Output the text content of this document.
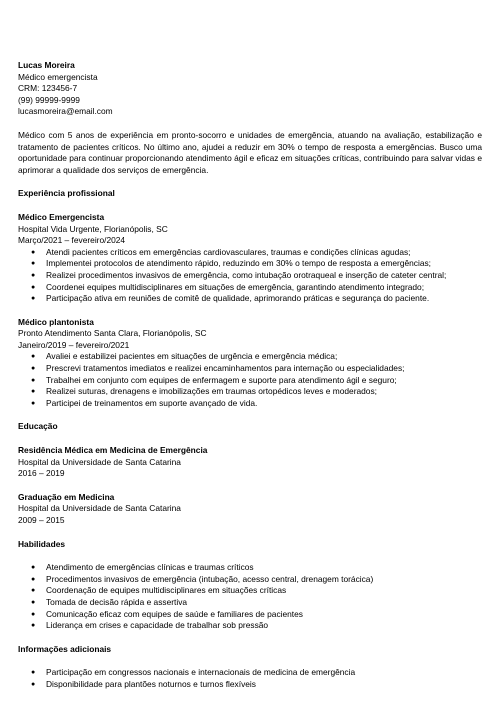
Lucas Moreira

Médico emergencista

CRM: 123456-7

(99) 99999-9999

lucasmoreira@email.com

Médico com 5 anos de experiência em pronto-socorro e unidades de emergência, atuando na avaliação, estabilização e tratamento de pacientes críticos. No último ano, ajudei a reduzir em 30% o tempo de resposta a emergências. Busco uma oportunidade para continuar proporcionando atendimento ágil e eficaz em situações críticas, contribuindo para salvar vidas e aprimorar a qualidade dos serviços de emergência.

Experiência profissional

Médico Emergencista

Hospital Vida Urgente, Florianópolis, SC

Março/2021 – fevereiro/2024

● Atendi pacientes críticos em emergências cardiovasculares, traumas e condições clínicas agudas;
● Implementei protocolos de atendimento rápido, reduzindo em 30% o tempo de resposta a emergências;
● Realizei procedimentos invasivos de emergência, como intubação orotraqueal e inserção de cateter central;
● Coordenei equipes multidisciplinares em situações de emergência, garantindo atendimento integrado;
● Participação ativa em reuniões de comitê de qualidade, aprimorando práticas e segurança do paciente.

Médico plantonista

Pronto Atendimento Santa Clara, Florianópolis, SC

Janeiro/2019 – fevereiro/2021

● Avaliei e estabilizei pacientes em situações de urgência e emergência médica;
● Prescrevi tratamentos imediatos e realizei encaminhamentos para internação ou especialidades;
● Trabalhei em conjunto com equipes de enfermagem e suporte para atendimento ágil e seguro;
● Realizei suturas, drenagens e imobilizações em traumas ortopédicos leves e moderados;
● Participei de treinamentos em suporte avançado de vida.

Educação

Residência Médica em Medicina de Emergência

Hospital da Universidade de Santa Catarina

2016 – 2019

Graduação em Medicina

Hospital da Universidade de Santa Catarina

2009 – 2015

Habilidades

● Atendimento de emergências clínicas e traumas críticos
● Procedimentos invasivos de emergência (intubação, acesso central, drenagem torácica)
● Coordenação de equipes multidisciplinares em situações críticas
● Tomada de decisão rápida e assertiva
● Comunicação eficaz com equipes de saúde e familiares de pacientes
● Liderança em crises e capacidade de trabalhar sob pressão

Informações adicionais

● Participação em congressos nacionais e internacionais de medicina de emergência
● Disponibilidade para plantões noturnos e turnos flexíveis
